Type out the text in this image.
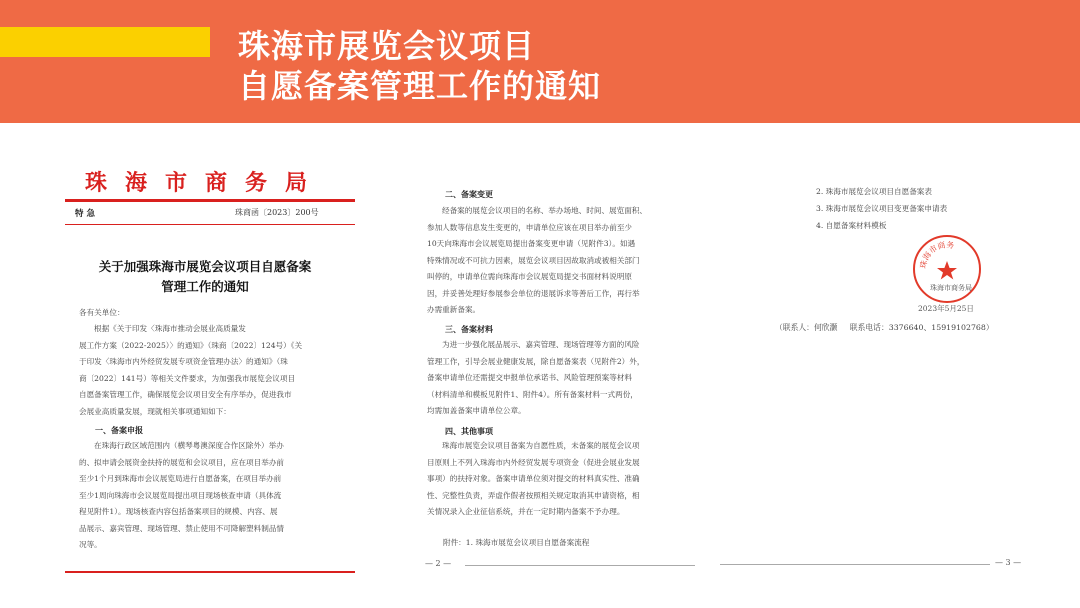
珠海市展览会议项目
自愿备案管理工作的通知
珠海市商务局
特 急	珠商函〔2023〕200号
关于加强珠海市展览会议项目自愿备案
管理工作的通知
各有关单位：
根据《关于印发〈珠海市推动会展业高质量发
展工作方案（2022-2025）〉的通知》（珠商〔2022〕124号）《关
于印发〈珠海市内外经贸发展专项资金管理办法〉的通知》（珠
商〔2022〕141号）等相关文件要求，为加强我市展览会议项目
自愿备案管理工作，确保展览会议项目安全有序举办，促进我市
会展业高质量发展，现就相关事项通知如下：
一、备案申报
在珠海行政区域范围内（横琴粤澳深度合作区除外）举办
的、拟申请会展资金扶持的展览和会议项目，应在项目举办前
至少1个月到珠海市会议展览局进行自愿备案，在项目举办前
至少1周向珠海市会议展览局提出项目现场核查申请（具体流
程见附件1）。现场核查内容包括备案项目的规模、内容、展
品展示、嘉宾管理、现场管理、禁止使用不可降解塑料制品情
况等。
二、备案变更
经备案的展览会议项目的名称、举办场地、时间、展览面积、
参加人数等信息发生变更的，申请单位应该在项目举办前至少
10天向珠海市会议展览局提出备案变更申请（见附件3）。如遇
特殊情况或不可抗力因素，展览会议项目因故取消或被相关部门
叫停的，申请单位需向珠海市会议展览局提交书面材料说明原
因，并妥善处理好参展参会单位的退展诉求等善后工作，再行举
办需重新备案。
三、备案材料
为进一步强化展品展示、嘉宾管理、现场管理等方面的风险
管理工作，引导会展业健康发展，除自愿备案表（见附件2）外，
备案申请单位还需提交申报单位承诺书、风险管理预案等材料
（材料清单和模板见附件1、附件4）。所有备案材料一式两份，
均需加盖备案申请单位公章。
四、其他事项
珠海市展览会议项目备案为自愿性质，未备案的展览会议项
目原则上不列入珠海市内外经贸发展专项资金（促进会展业发展
事项）的扶持对象。备案申请单位须对提交的材料真实性、准确
性、完整性负责，弄虚作假者按照相关规定取消其申请资格，相
关情况录入企业征信系统，并在一定时期内备案不予办理。
附件：1. 珠海市展览会议项目自愿备案流程
— 2 —
2. 珠海市展览会议项目自愿备案表
3. 珠海市展览会议项目变更备案申请表
4. 自愿备案材料模板
珠海市商务
珠海市商务局
2023年5月25日
（联系人：何欣灏     联系电话：3376640、15919102768）
— 3 —
